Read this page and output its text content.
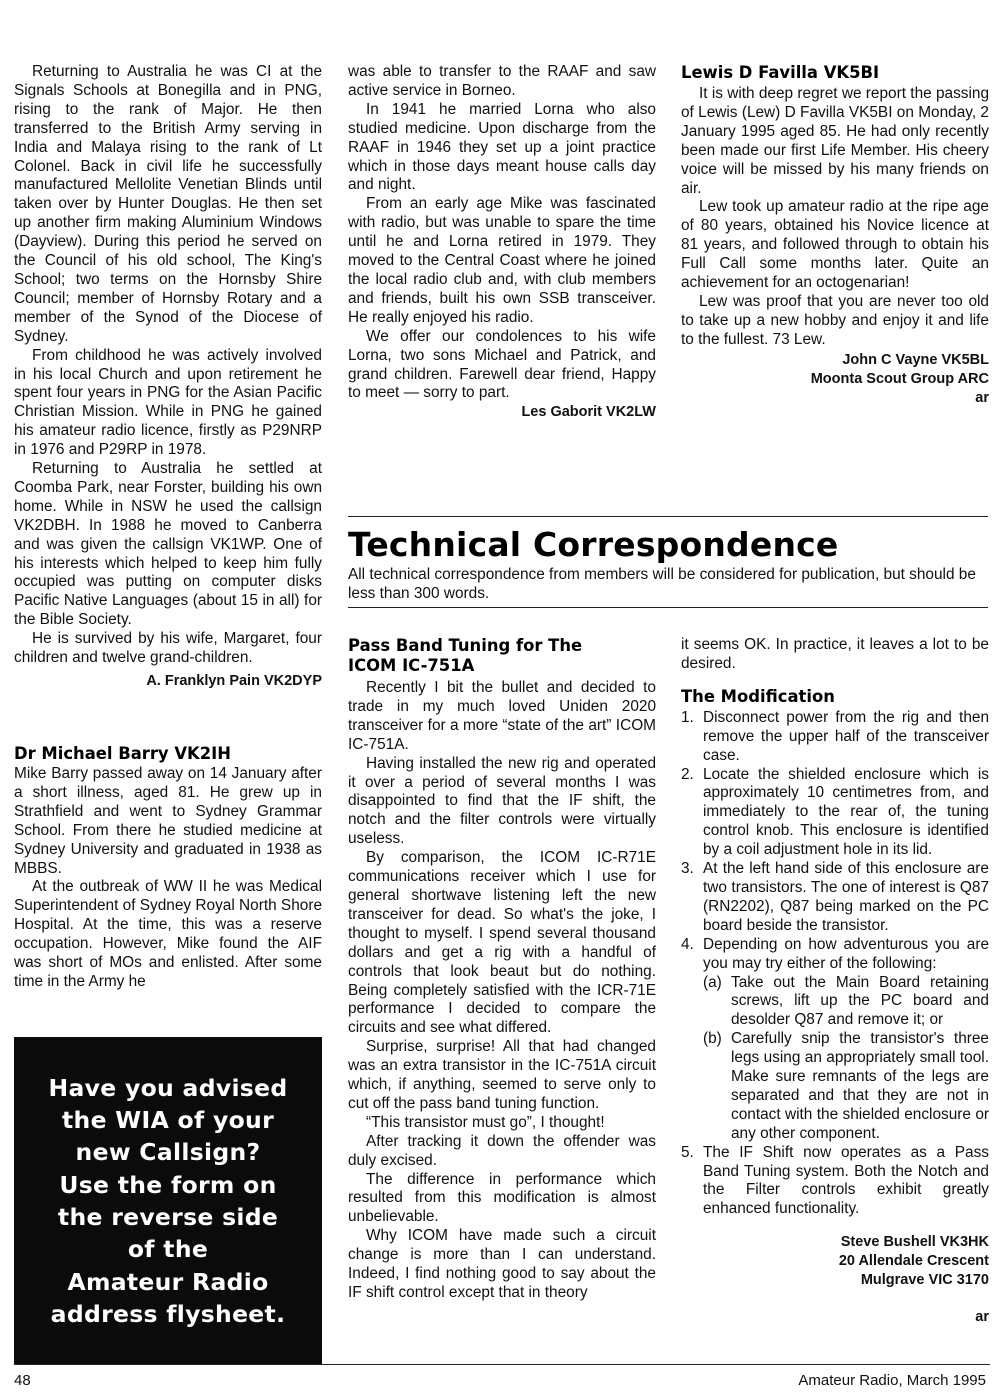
Returning to Australia he was CI at the Signals Schools at Bonegilla and in PNG, rising to the rank of Major. He then transferred to the British Army serving in India and Malaya rising to the rank of Lt Colonel. Back in civil life he successfully manufactured Mellolite Venetian Blinds until taken over by Hunter Douglas. He then set up another firm making Aluminium Windows (Dayview). During this period he served on the Council of his old school, The King's School; two terms on the Hornsby Shire Council; member of Hornsby Rotary and a member of the Synod of the Diocese of Sydney.

From childhood he was actively involved in his local Church and upon retirement he spent four years in PNG for the Asian Pacific Christian Mission. While in PNG he gained his amateur radio licence, firstly as P29NRP in 1976 and P29RP in 1978.

Returning to Australia he settled at Coomba Park, near Forster, building his own home. While in NSW he used the callsign VK2DBH. In 1988 he moved to Canberra and was given the callsign VK1WP. One of his interests which helped to keep him fully occupied was putting on computer disks Pacific Native Languages (about 15 in all) for the Bible Society.

He is survived by his wife, Margaret, four children and twelve grand-children.

A. Franklyn Pain VK2DYP
Dr Michael Barry VK2IH

Mike Barry passed away on 14 January after a short illness, aged 81. He grew up in Strathfield and went to Sydney Grammar School. From there he studied medicine at Sydney University and graduated in 1938 as MBBS.

At the outbreak of WW II he was Medical Superintendent of Sydney Royal North Shore Hospital. At the time, this was a reserve occupation. However, Mike found the AIF was short of MOs and enlisted. After some time in the Army he

was able to transfer to the RAAF and saw active service in Borneo.

In 1941 he married Lorna who also studied medicine. Upon discharge from the RAAF in 1946 they set up a joint practice which in those days meant house calls day and night.

From an early age Mike was fascinated with radio, but was unable to spare the time until he and Lorna retired in 1979. They moved to the Central Coast where he joined the local radio club and, with club members and friends, built his own SSB transceiver. He really enjoyed his radio.

We offer our condolences to his wife Lorna, two sons Michael and Patrick, and grand children. Farewell dear friend, Happy to meet — sorry to part.

Les Gaborit VK2LW
Lewis D Favilla VK5BI

It is with deep regret we report the passing of Lewis (Lew) D Favilla VK5BI on Monday, 2 January 1995 aged 85. He had only recently been made our first Life Member. His cheery voice will be missed by his many friends on air.

Lew took up amateur radio at the ripe age of 80 years, obtained his Novice licence at 81 years, and followed through to obtain his Full Call some months later. Quite an achievement for an octogenarian!

Lew was proof that you are never too old to take up a new hobby and enjoy it and life to the fullest. 73 Lew.

John C Vayne VK5BL
Moonta Scout Group ARC
ar
Technical Correspondence
All technical correspondence from members will be considered for publication, but should be less than 300 words.
Pass Band Tuning for The ICOM IC-751A

Recently I bit the bullet and decided to trade in my much loved Uniden 2020 transceiver for a more “state of the art” ICOM IC-751A.

Having installed the new rig and operated it over a period of several months I was disappointed to find that the IF shift, the notch and the filter controls were virtually useless.

By comparison, the ICOM IC-R71E communications receiver which I use for general shortwave listening left the new transceiver for dead. So what's the joke, I thought to myself. I spend several thousand dollars and get a rig with a handful of controls that look beaut but do nothing. Being completely satisfied with the ICR-71E performance I decided to compare the circuits and see what differed.

Surprise, surprise! All that had changed was an extra transistor in the IC-751A circuit which, if anything, seemed to serve only to cut off the pass band tuning function.

“This transistor must go”, I thought!

After tracking it down the offender was duly excised.

The difference in performance which resulted from this modification is almost unbelievable.

Why ICOM have made such a circuit change is more than I can understand. Indeed, I find nothing good to say about the IF shift control except that in theory

it seems OK. In practice, it leaves a lot to be desired.

The Modification
1. Disconnect power from the rig and then remove the upper half of the transceiver case.
2. Locate the shielded enclosure which is approximately 10 centimetres from, and immediately to the rear of, the tuning control knob. This enclosure is identified by a coil adjustment hole in its lid.
3. At the left hand side of this enclosure are two transistors. The one of interest is Q87 (RN2202), Q87 being marked on the PC board beside the transistor.
4. Depending on how adventurous you are you may try either of the following:
(a) Take out the Main Board retaining screws, lift up the PC board and desolder Q87 and remove it; or
(b) Carefully snip the transistor's three legs using an appropriately small tool. Make sure remnants of the legs are separated and that they are not in contact with the shielded enclosure or any other component.
5. The IF Shift now operates as a Pass Band Tuning system. Both the Notch and the Filter controls exhibit greatly enhanced functionality.
Steve Bushell VK3HK
20 Allendale Crescent
Mulgrave VIC 3170
ar
Have you advised
the WIA of your
new Callsign?
Use the form on
the reverse side
of the
Amateur Radio
address flysheet.
48	Amateur Radio, March 1995
